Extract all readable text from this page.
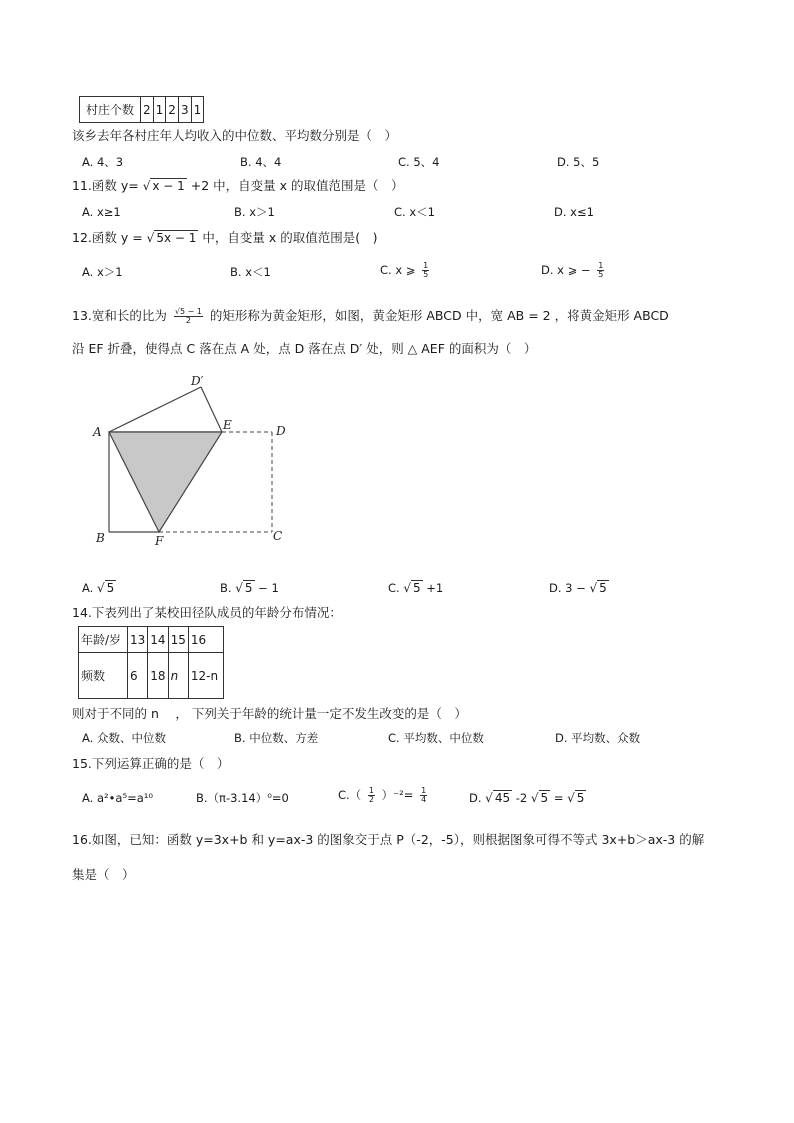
村庄个数	2	1	2	3	1
该乡去年各村庄年人均收入的中位数、平均数分别是（　）
A. 4、3	B. 4、4	C. 5、4	D. 5、5
11.函数 y= √ x − 1 +2 中，自变量 x 的取值范围是（　）
A. x≥1	B. x＞1	C. x＜1	D. x≤1
12.函数 y = √ 5x − 1 中，自变量 x 的取值范围是(　)
A. x＞1	B. x＜1	C. x ⩾ $\frac{1}{5}$	D. x ⩾ − $\frac{1}{5}$
13.宽和长的比为 $\frac{√5 - 1}{2}$ 的矩形称为黄金矩形，如图，黄金矩形 ABCD 中，宽 AB = 2 ，将黄金矩形 ABCD
沿 EF 折叠，使得点 C 落在点 A 处，点 D 落在点 D′ 处，则 △ AEF 的面积为（　）
A
B	F	C
D
E
D′
A. √ 5	B. √ 5 − 1	C. √ 5 +1	D. 3 − √ 5
14.下表列出了某校田径队成员的年龄分布情况：
年龄/岁	13	14	15	16
频数	6	18	n	12-n
则对于不同的 n 　， 下列关于年龄的统计量一定不发生改变的是（　）
A. 众数、中位数	B. 中位数、方差	C. 平均数、中位数	D. 平均数、众数
15.下列运算正确的是（　）
A. a²•a⁵=a¹⁰	B.（π-3.14）⁰=0	$C.( \frac{1}{2} )^{-2}= \frac{1}{4}$	D. √ 45 -2 √ 5 = √ 5
16.如图，已知：函数 y=3x+b 和 y=ax-3 的图象交于点 P（-2，-5），则根据图象可得不等式 3x+b＞ax-3 的解
集是（　）
